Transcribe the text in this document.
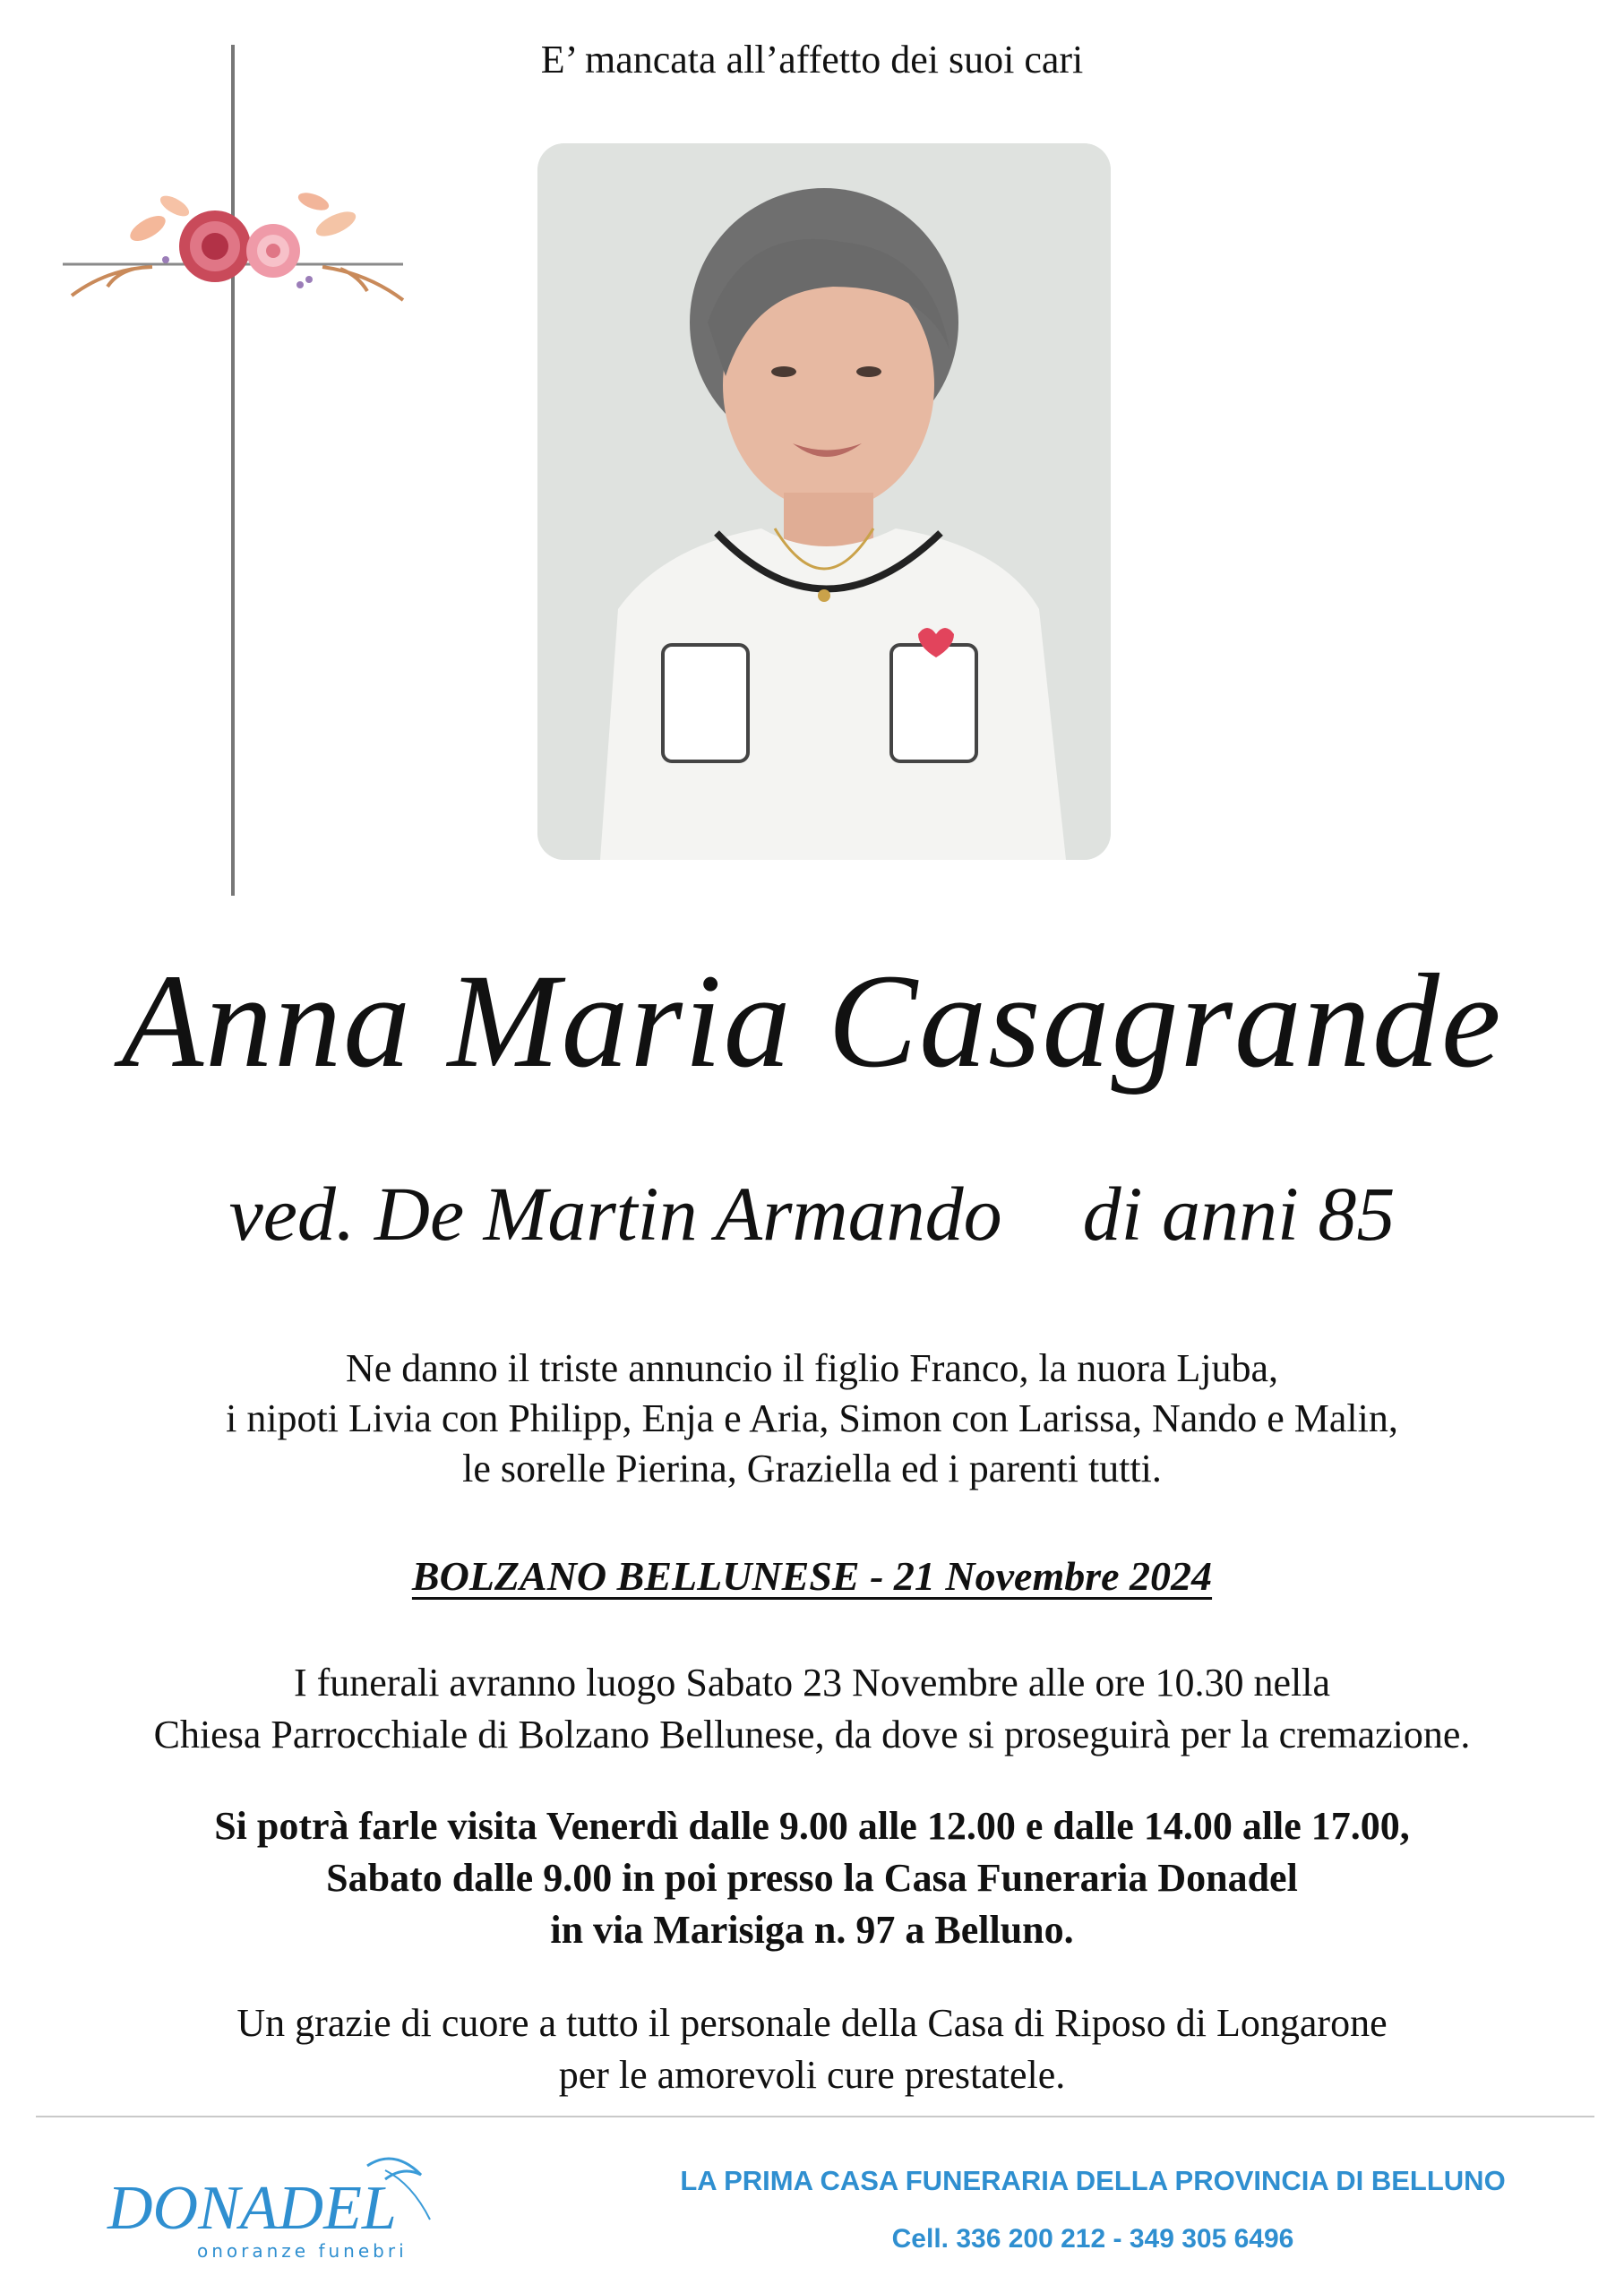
E’ mancata all’affetto dei suoi cari
Anna Maria Casagrande
ved. De Martin Armando di anni 85
Ne danno il triste annuncio il figlio Franco, la nuora Ljuba,
i nipoti Livia con Philipp, Enja e Aria, Simon con Larissa, Nando e Malin,
le sorelle Pierina, Graziella ed i parenti tutti.
BOLZANO BELLUNESE - 21 Novembre 2024
I funerali avranno luogo Sabato 23 Novembre alle ore 10.30 nella
Chiesa Parrocchiale di Bolzano Bellunese, da dove si proseguirà per la cremazione.
Si potrà farle visita Venerdì dalle 9.00 alle 12.00 e dalle 14.00 alle 17.00,
Sabato dalle 9.00 in poi presso la Casa Funeraria Donadel
in via Marisiga n. 97 a Belluno.
Un grazie di cuore a tutto il personale della Casa di Riposo di Longarone
per le amorevoli cure prestatele.
DONADEL
onoranze funebri
LA PRIMA CASA FUNERARIA DELLA PROVINCIA DI BELLUNO
Cell. 336 200 212 - 349 305 6496
